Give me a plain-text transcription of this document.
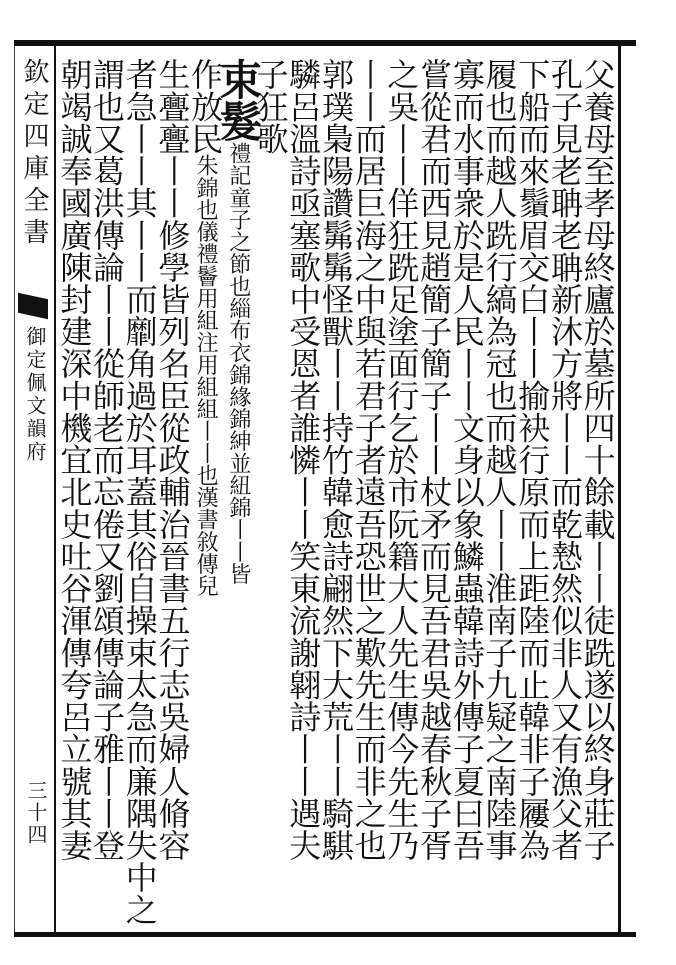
欽定四庫全書
御定佩文韻府
三十四	父養母至孝母終廬於墓所四十餘載丨丨徒跣遂以終身莊子
孔子見老聃老聃新沐方將丨丨而乾慹然似非人又有漁父者
下船而來鬚眉交白丨丨揄袂行原而上距陸而止韓非子屨為
履也而越人跣行縞為冠也而越人丨丨淮南子九疑之南陸事
寡而水事衆於是人民丨丨文身以象鱗蟲韓詩外傳子夏曰吾
嘗從君而西見趙簡子簡子丨丨杖矛而見吾君吳越春秋子胥
之吳丨丨佯狂跣足塗面行乞於市阮籍大人先生傳今先生乃
丨丨而居巨海之中與若君子者遠吾恐世之歎先生而非之也
郭璞梟陽讚髴髴怪獸丨丨持竹韓愈詩翩然下大荒丨丨騎騏
驎呂溫詩亟塞歌中受恩者誰憐丨丨笑東流謝翶詩丨丨遇夫
子狂歌
束髮禮記童子之節也緇布衣錦緣錦紳並紐錦丨丨皆
作放民朱錦也儀禮鬠用組注用組組丨丨也漢書敘傳兒
生亹亹丨丨修學皆列名臣從政輔治晉書五行志吳婦人脩容
者急丨丨其丨丨而劘角過於耳蓋其俗自操束太急而廉隅失中之
謂也又葛洪傳論丨丨從師老而忘倦又劉頌傳論子雅丨丨登
朝竭誠奉國廣陳封建深中機宜北史吐谷渾傳夸呂立號其妻
